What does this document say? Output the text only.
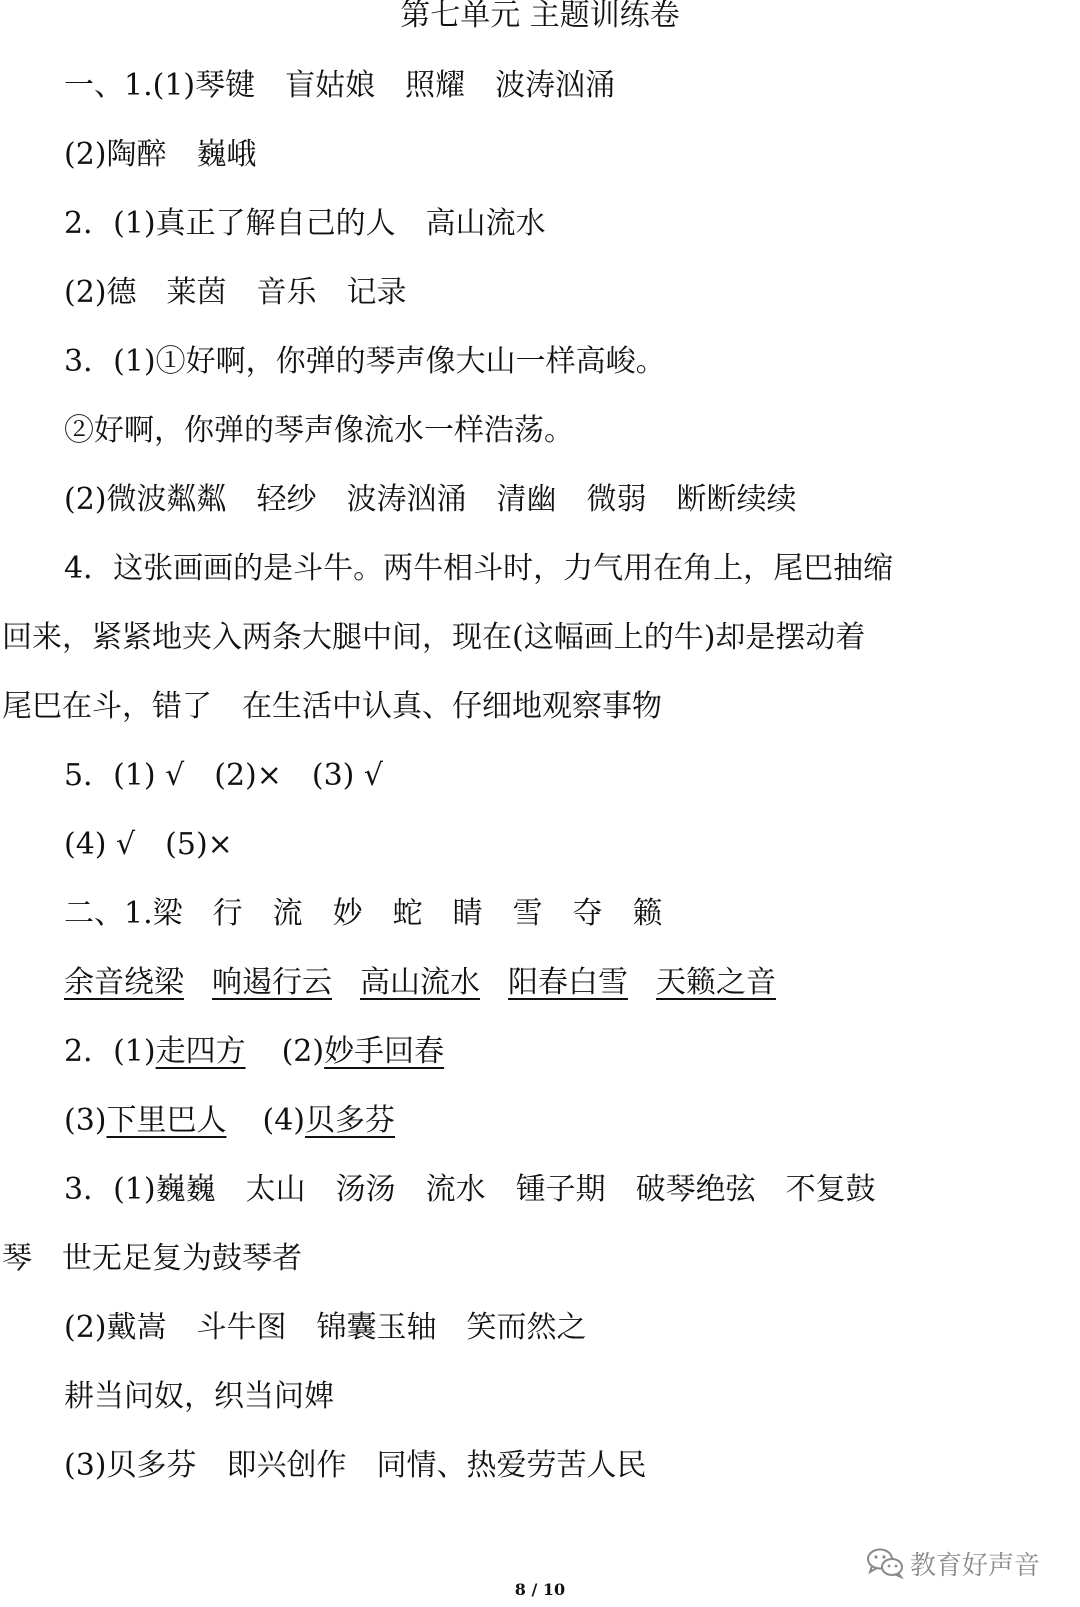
第七单元 主题训练卷
一、1.(1)琴键　盲姑娘　照耀　波涛汹涌
(2)陶醉　巍峨
2．(1)真正了解自己的人　高山流水
(2)德　莱茵　音乐　记录
3．(1)①好啊，你弹的琴声像大山一样高峻。
②好啊，你弹的琴声像流水一样浩荡。
(2)微波粼粼　轻纱　波涛汹涌　清幽　微弱　断断续续
4．这张画画的是斗牛。两牛相斗时，力气用在角上，尾巴抽缩
回来，紧紧地夹入两条大腿中间，现在(这幅画上的牛)却是摆动着
尾巴在斗，错了　在生活中认真、仔细地观察事物
5．(1) √　(2)×　(3) √
(4) √　(5)×
二、1.梁　行　流　妙　蛇　睛　雪　夺　籁
余音绕梁 响遏行云 高山流水 阳春白雪 天籁之音
2．(1)走四方 (2)妙手回春
(3)下里巴人 (4)贝多芬
3．(1)巍巍　太山　汤汤　流水　锺子期　破琴绝弦　不复鼓
琴　世无足复为鼓琴者
(2)戴嵩　斗牛图　锦囊玉轴　笑而然之
耕当问奴，织当问婢
(3)贝多芬　即兴创作　同情、热爱劳苦人民
教育好声音
8 / 10
